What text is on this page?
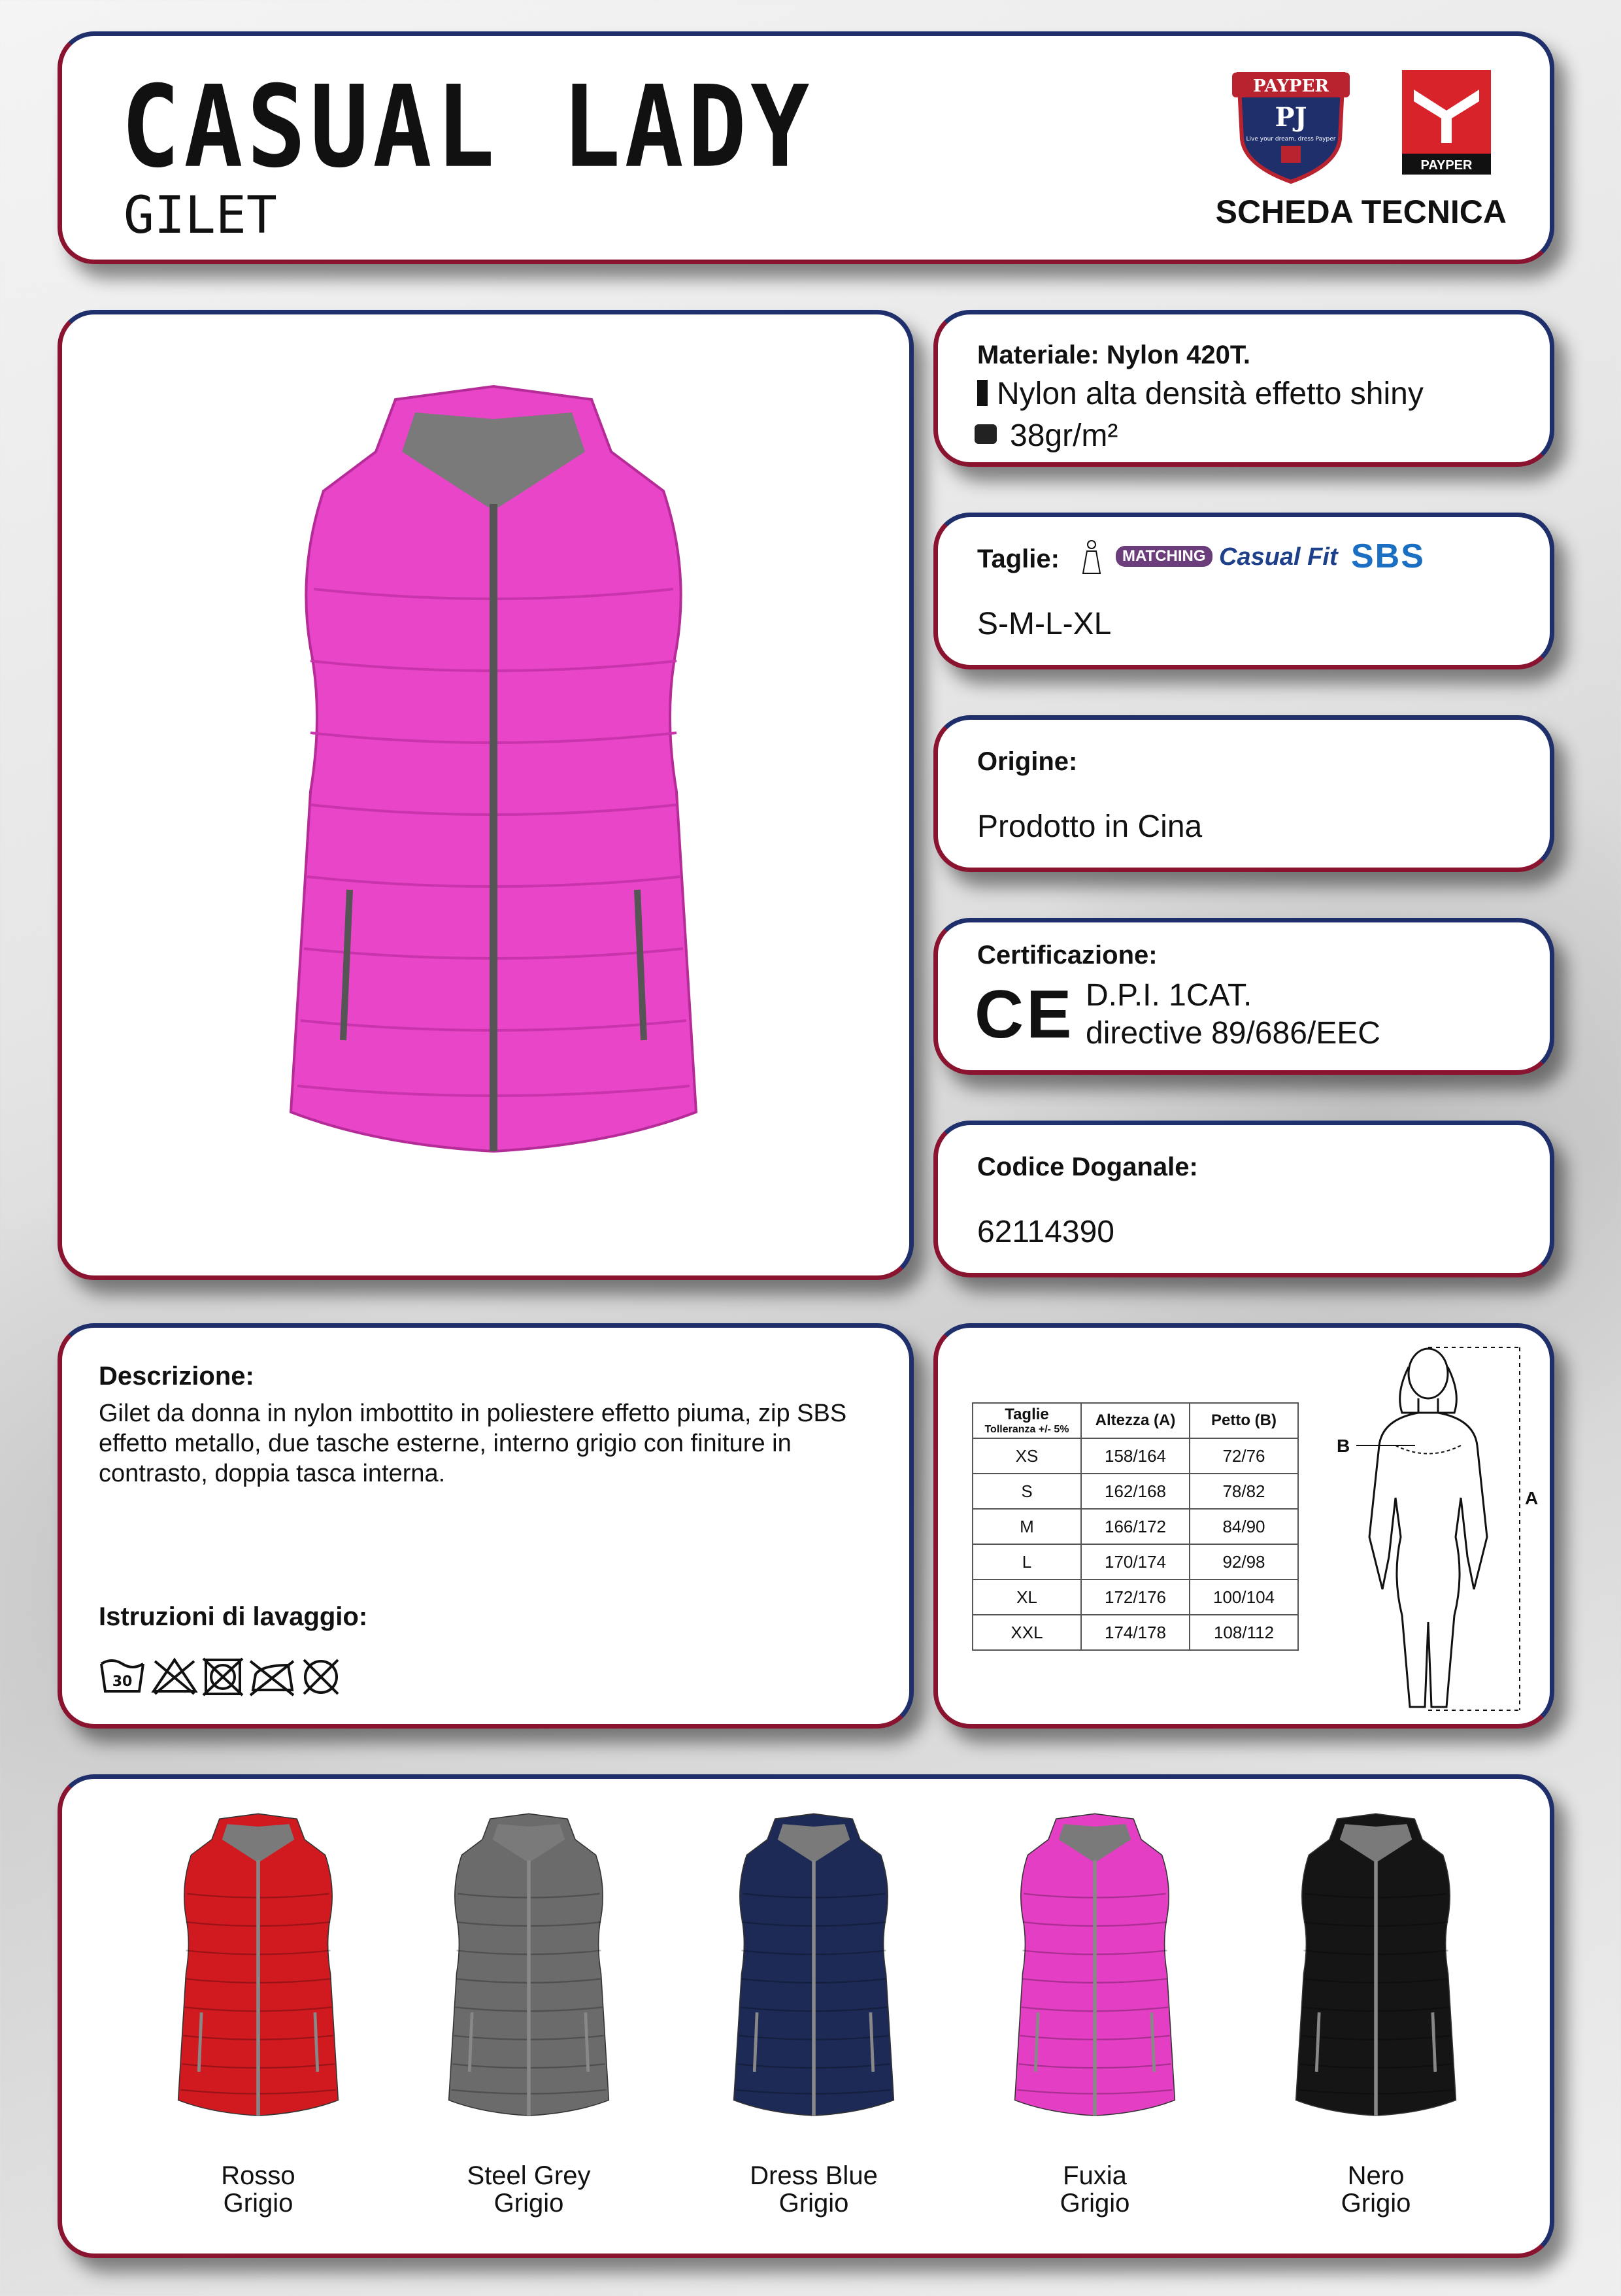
CASUAL LADY
GILET
PAYPER
PJ
Live your dream, dress Payper
PAYPER
SCHEDA TECNICA
Materiale: Nylon 420T.
Nylon alta densità effetto shiny
38gr/m²
Taglie:	MATCHING Casual Fit SBS
S-M-L-XL
Origine:
Prodotto in Cina
Certificazione:
CE D.P.I. 1CAT.
directive 89/686/EEC
Codice Doganale:
62114390
Descrizione:
Gilet da donna in nylon imbottito in poliestere effetto piuma, zip SBS effetto metallo, due tasche esterne, interno grigio con finiture in contrasto, doppia tasca interna.
Istruzioni di lavaggio:
30
Taglie
Tolleranza +/- 5%	Altezza (A)	Petto (B)
XS	158/164	72/76
S	162/168	78/82
M	166/172	84/90
L	170/174	92/98
XL	172/176	100/104
XXL	174/178	108/112
A
B
Rosso
Grigio
Steel Grey
Grigio
Dress Blue
Grigio
Fuxia
Grigio
Nero
Grigio
